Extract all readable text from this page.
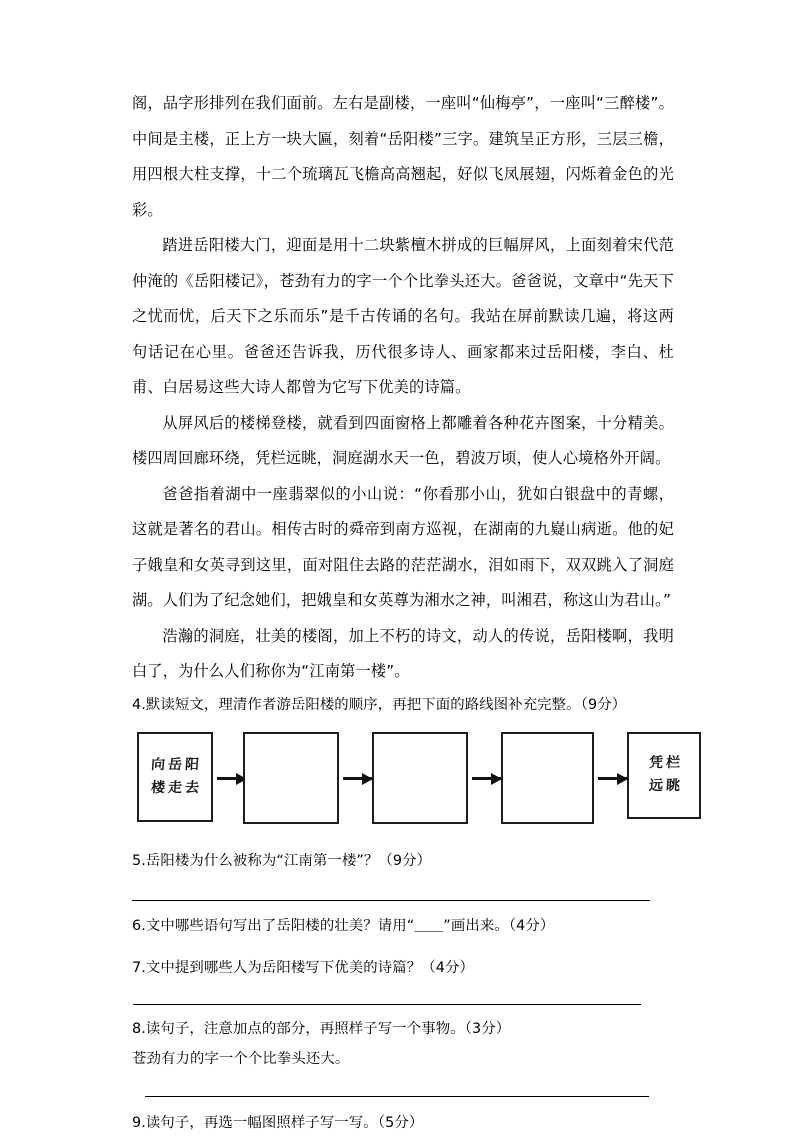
阁，品字形排列在我们面前。左右是副楼，一座叫“仙梅亭”，一座叫“三醉楼”。中间是主楼，正上方一块大匾，刻着“岳阳楼”三字。建筑呈正方形，三层三檐，用四根大柱支撑，十二个琉璃瓦飞檐高高翘起，好似飞凤展翅，闪烁着金色的光彩。

踏进岳阳楼大门，迎面是用十二块紫檀木拼成的巨幅屏风，上面刻着宋代范仲淹的《岳阳楼记》，苍劲有力的字一个个比拳头还大。爸爸说，文章中“先天下之忧而忧，后天下之乐而乐”是千古传诵的名句。我站在屏前默读几遍，将这两句话记在心里。爸爸还告诉我，历代很多诗人、画家都来过岳阳楼，李白、杜甫、白居易这些大诗人都曾为它写下优美的诗篇。

从屏风后的楼梯登楼，就看到四面窗格上都雕着各种花卉图案，十分精美。楼四周回廊环绕，凭栏远眺，洞庭湖水天一色，碧波万顷，使人心境格外开阔。

爸爸指着湖中一座翡翠似的小山说：“你看那小山，犹如白银盘中的青螺，这就是著名的君山。相传古时的舜帝到南方巡视，在湖南的九嶷山病逝。他的妃子娥皇和女英寻到这里，面对阻住去路的茫茫湖水，泪如雨下，双双跳入了洞庭湖。人们为了纪念她们，把娥皇和女英尊为湘水之神，叫湘君，称这山为君山。”

浩瀚的洞庭，壮美的楼阁，加上不朽的诗文，动人的传说，岳阳楼啊，我明白了，为什么人们称你为“江南第一楼”。

4.默读短文，理清作者游岳阳楼的顺序，再把下面的路线图补充完整。（9分）

向岳阳
楼走去
凭栏
远眺

5.岳阳楼为什么被称为“江南第一楼”？（9分）

6.文中哪些语句写出了岳阳楼的壮美？请用“＿＿”画出来。（4分）

7.文中提到哪些人为岳阳楼写下优美的诗篇？（4分）

8.读句子，注意加点的部分，再照样子写一个事物。（3分）

苍劲有力的字一个个比拳头还大。

9.读句子，再选一幅图照样子写一写。（5分）
